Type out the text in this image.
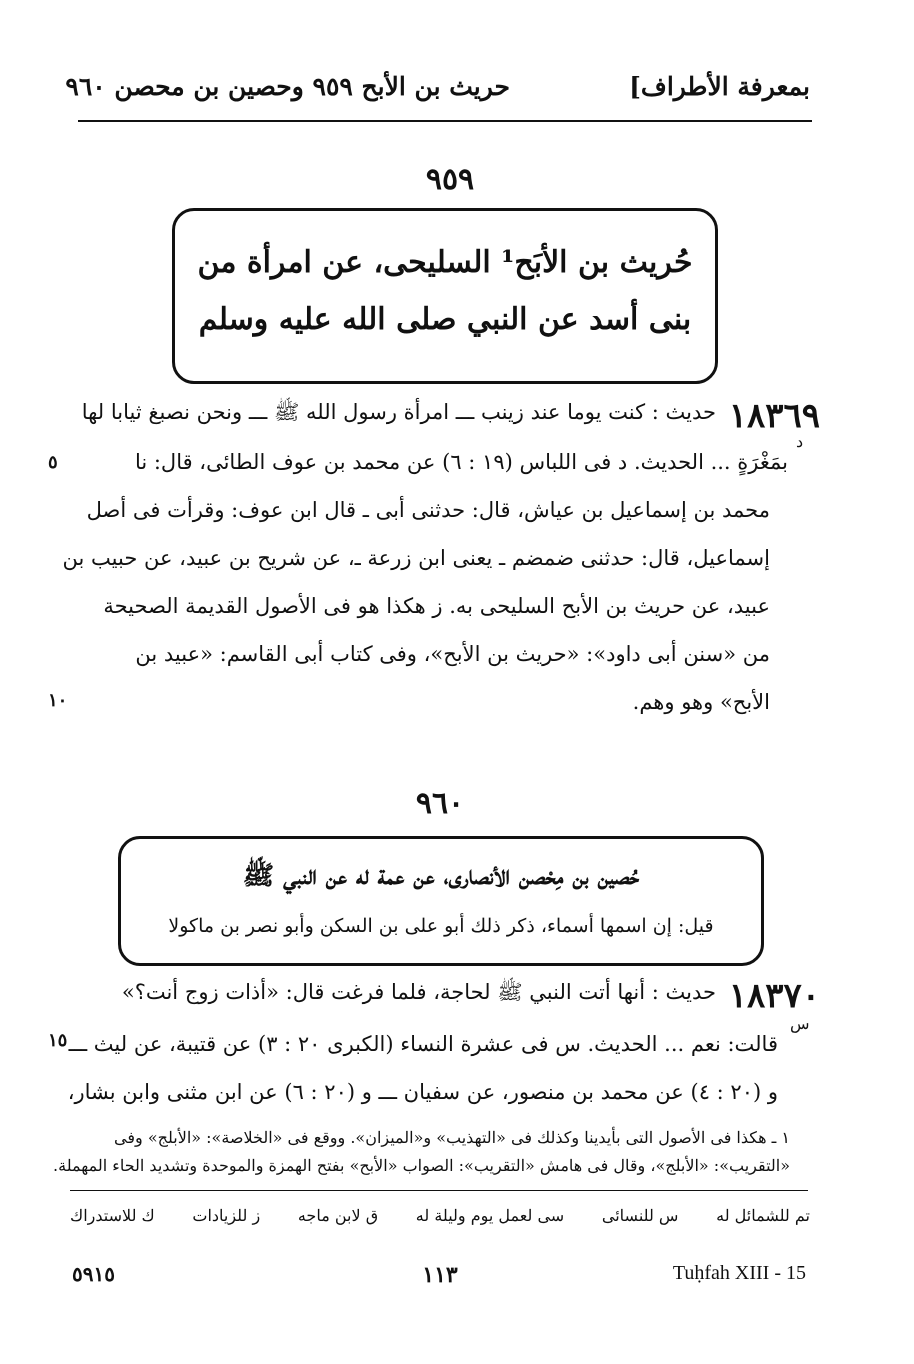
حريث بن الأبح ٩٥٩ وحصين بن محصن ٩٦٠	بمعرفة الأطراف]
٩٥٩
حُريث بن الأبَح¹ السليحى، عن امرأة من
بنى أسد عن النبي صلى الله عليه وسلم
١٨٣٦٩
د
حديث : كنت يوما عند زينب ـــ امرأة رسول الله ﷺ ـــ ونحن نصبغ ثيابا لها
بمَغْرَةٍ ... الحديث. د فى اللباس (١٩ : ٦) عن محمد بن عوف الطائى، قال: نا
محمد بن إسماعيل بن عياش، قال: حدثنى أبى ـ قال ابن عوف: وقرأت فى أصل
إسماعيل، قال: حدثنى ضمضم ـ يعنى ابن زرعة ـ، عن شريح بن عبيد، عن حبيب بن
عبيد، عن حريث بن الأبح السليحى به. ز هكذا هو فى الأصول القديمة الصحيحة
من «سنن أبى داود»: «حريث بن الأبح»، وفى كتاب أبى القاسم: «عبيد بن
الأبح» وهو وهم.
٥
١٠
٩٦٠
حُصين بن مِحْصن الأنصارى، عن عمة له عن النبي ﷺ
قيل: إن اسمها أسماء، ذكر ذلك أبو على بن السكن وأبو نصر بن ماكولا
١٨٣٧٠
س
حديث : أنها أتت النبي ﷺ لحاجة، فلما فرغت قال: «أذات زوج أنت؟»
قالت: نعم ... الحديث. س فى عشرة النساء (الكبرى ٢٠ : ٣) عن قتيبة، عن ليث ـــ
و (٢٠ : ٤) عن محمد بن منصور، عن سفيان ـــ و (٢٠ : ٦) عن ابن مثنى وابن بشار،
١٥
١ ـ هكذا فى الأصول التى بأيدينا وكذلك فى «التهذيب» و«الميزان». ووقع فى «الخلاصة»: «الأبلج» وفى
«التقريب»: «الأبلج»، وقال فى هامش «التقريب»: الصواب «الأبح» بفتح الهمزة والموحدة وتشديد الحاء المهملة.
تم للشمائل له
س للنسائى
سى لعمل يوم وليلة له
ق لابن ماجه
ز للزيادات
ك للاستدراك
٥٩١٥	١١٣	Tuḥfah XIII - 15
